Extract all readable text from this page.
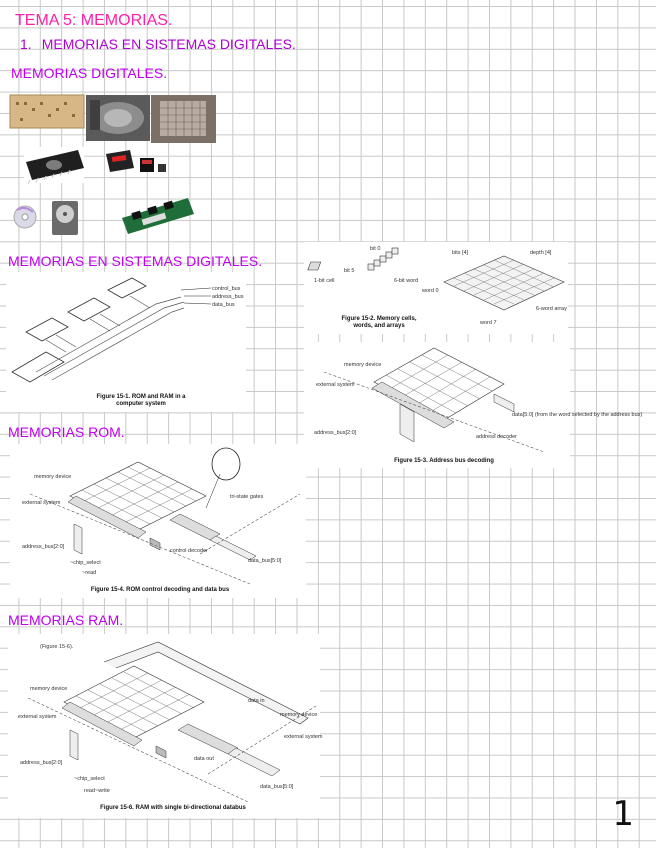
TEMA 5: MEMORIAS.
1. MEMORIAS EN SISTEMAS DIGITALES.
MEMORIAS DIGITALES.
MEMORIAS EN SISTEMAS DIGITALES.
control_bus
address_bus
data_bus
Figure 15-1. ROM and RAM in a
computer system
1-bit cell
bit 0
bit 5
6-bit word
bits [4]	depth [4]
word 0
word 7
6-word array
Figure 15-2. Memory cells,
words, and arrays
memory device
external system
data[5:0] (from the word selected by the address bus)
address_bus[2:0]
address decoder
Figure 15-3. Address bus decoding
MEMORIAS ROM.
memory device
external system
tri-state gates
address_bus[2:0]
~chip_select
~read
control decoder
data_bus[5:0]
Figure 15-4. ROM control decoding and data bus
MEMORIAS RAM.
(Figure 15-6).
memory device
external system	memory device
external system
data in
data out
address_bus[2:0]
~chip_select
read~write
data_bus[5:0]
Figure 15-6. RAM with single bi-directional databus	1
